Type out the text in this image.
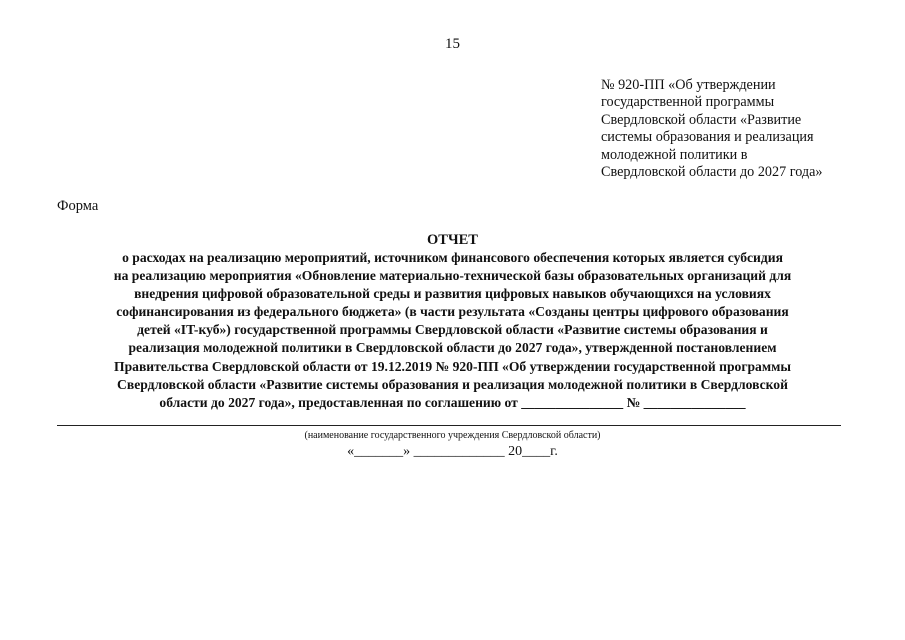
15
№ 920-ПП «Об утверждении
государственной программы
Свердловской области «Развитие
системы образования и реализация
молодежной политики в
Свердловской области до 2027 года»
Форма
ОТЧЕТ
о расходах на реализацию мероприятий, источником финансового обеспечения которых является субсидия
на реализацию мероприятия «Обновление материально-технической базы образовательных организаций для
внедрения цифровой образовательной среды и развития цифровых навыков обучающихся на условиях
софинансирования из федерального бюджета» (в части результата «Созданы центры цифрового образования
детей «IT-куб») государственной программы Свердловской области «Развитие системы образования и
реализация молодежной политики в Свердловской области до 2027 года», утвержденной постановлением
Правительства Свердловской области от 19.12.2019 № 920-ПП «Об утверждении государственной программы
Свердловской области «Развитие системы образования и реализация молодежной политики в Свердловской
области до 2027 года», предоставленная по соглашению от _______________ № _______________
(наименование государственного учреждения Свердловской области)
«_______» _____________ 20____г.
